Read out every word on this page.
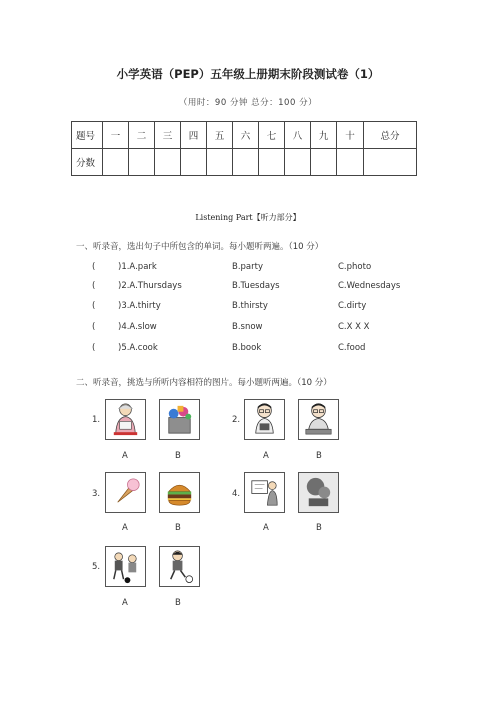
小学英语（PEP）五年级上册期末阶段测试卷（1）
（用时：90 分钟 总分：100 分）
题号	一	二	三	四	五	六	七	八	九	十	总分
分数											
Listening Part【听力部分】
一、听录音，选出句子中所包含的单词。每小题听两遍。（10 分）
(	)1.A.park	B.party	C.photo
(	)2.A.Thursdays	B.Tuesdays	C.Wednesdays
(	)3.A.thirty	B.thirsty	C.dirty
(	)4.A.slow	B.snow	C.X X X
(	)5.A.cook	B.book	C.food
二、听录音，挑选与所听内容相符的图片。每小题听两遍。（10 分）
1.
A	B
2.
A	B
3.
A	B
4.
A	B
5.
A	B
